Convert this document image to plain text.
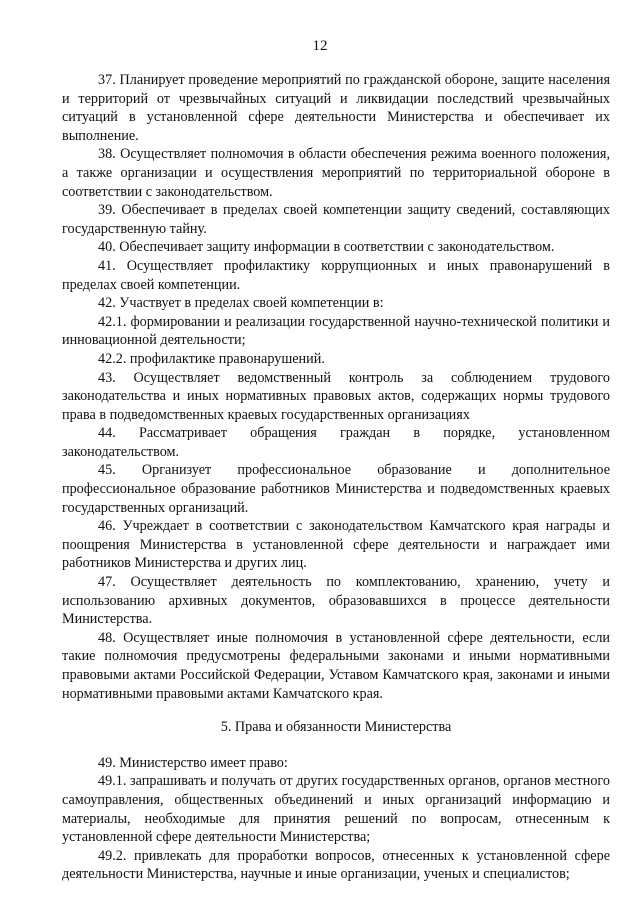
12

37. Планирует проведение мероприятий по гражданской обороне, защите населения и территорий от чрезвычайных ситуаций и ликвидации последствий чрезвычайных ситуаций в установленной сфере деятельности Министерства и обеспечивает их выполнение.

38. Осуществляет полномочия в области обеспечения режима военного положения, а также организации и осуществления мероприятий по территориальной обороне в соответствии с законодательством.

39. Обеспечивает в пределах своей компетенции защиту сведений, составляющих государственную тайну.

40. Обеспечивает защиту информации в соответствии с законодательством.

41. Осуществляет профилактику коррупционных и иных правонарушений в пределах своей компетенции.

42. Участвует в пределах своей компетенции в:

42.1. формировании и реализации государственной научно-технической политики и инновационной деятельности;

42.2. профилактике правонарушений.

43. Осуществляет ведомственный контроль за соблюдением трудового законодательства и иных нормативных правовых актов, содержащих нормы трудового права в подведомственных краевых государственных организациях

44. Рассматривает обращения граждан в порядке, установленном законодательством.

45. Организует профессиональное образование и дополнительное профессиональное образование работников Министерства и подведомственных краевых государственных организаций.

46. Учреждает в соответствии с законодательством Камчатского края награды и поощрения Министерства в установленной сфере деятельности и награждает ими работников Министерства и других лиц.

47. Осуществляет деятельность по комплектованию, хранению, учету и использованию архивных документов, образовавшихся в процессе деятельности Министерства.

48. Осуществляет иные полномочия в установленной сфере деятельности, если такие полномочия предусмотрены федеральными законами и иными нормативными правовыми актами Российской Федерации, Уставом Камчатского края, законами и иными нормативными правовыми актами Камчатского края.

5. Права и обязанности Министерства

49. Министерство имеет право:

49.1. запрашивать и получать от других государственных органов, органов местного самоуправления, общественных объединений и иных организаций информацию и материалы, необходимые для принятия решений по вопросам, отнесенным к установленной сфере деятельности Министерства;

49.2. привлекать для проработки вопросов, отнесенных к установленной сфере деятельности Министерства, научные и иные организации, ученых и специалистов;
